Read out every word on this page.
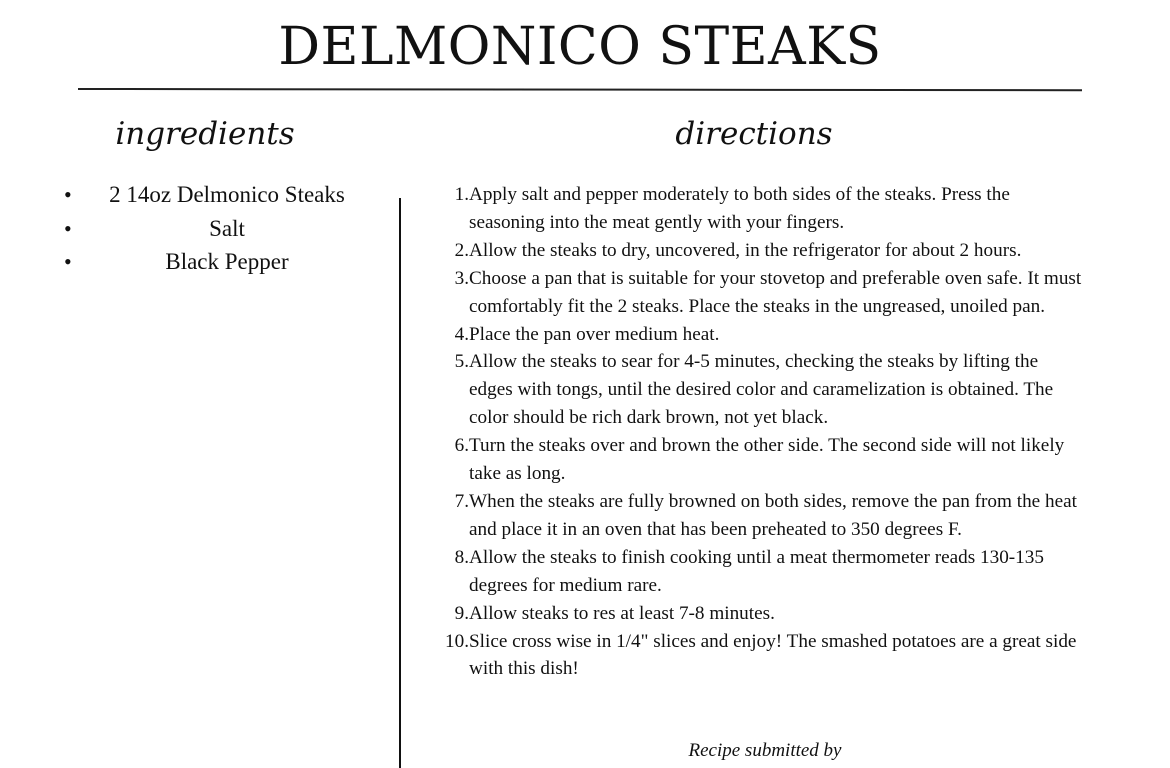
DELMONICO STEAKS
ingredients	directions
•	2 14oz Delmonico Steaks
•	Salt
•	Black Pepper
1. Apply salt and pepper moderately to both sides of the steaks. Press the seasoning into the meat gently with your fingers.
2. Allow the steaks to dry, uncovered, in the refrigerator for about 2 hours.
3. Choose a pan that is suitable for your stovetop and preferable oven safe. It must comfortably fit the 2 steaks. Place the steaks in the ungreased, unoiled pan.
4. Place the pan over medium heat.
5. Allow the steaks to sear for 4-5 minutes, checking the steaks by lifting the edges with tongs, until the desired color and caramelization is obtained. The color should be rich dark brown, not yet black.
6. Turn the steaks over and brown the other side. The second side will not likely take as long.
7. When the steaks are fully browned on both sides, remove the pan from the heat and place it in an oven that has been preheated to 350 degrees F.
8. Allow the steaks to finish cooking until a meat thermometer reads 130-135 degrees for medium rare.
9. Allow steaks to res at least 7-8 minutes.
10. Slice cross wise in 1/4" slices and enjoy! The smashed potatoes are a great side with this dish!
Recipe submitted by
